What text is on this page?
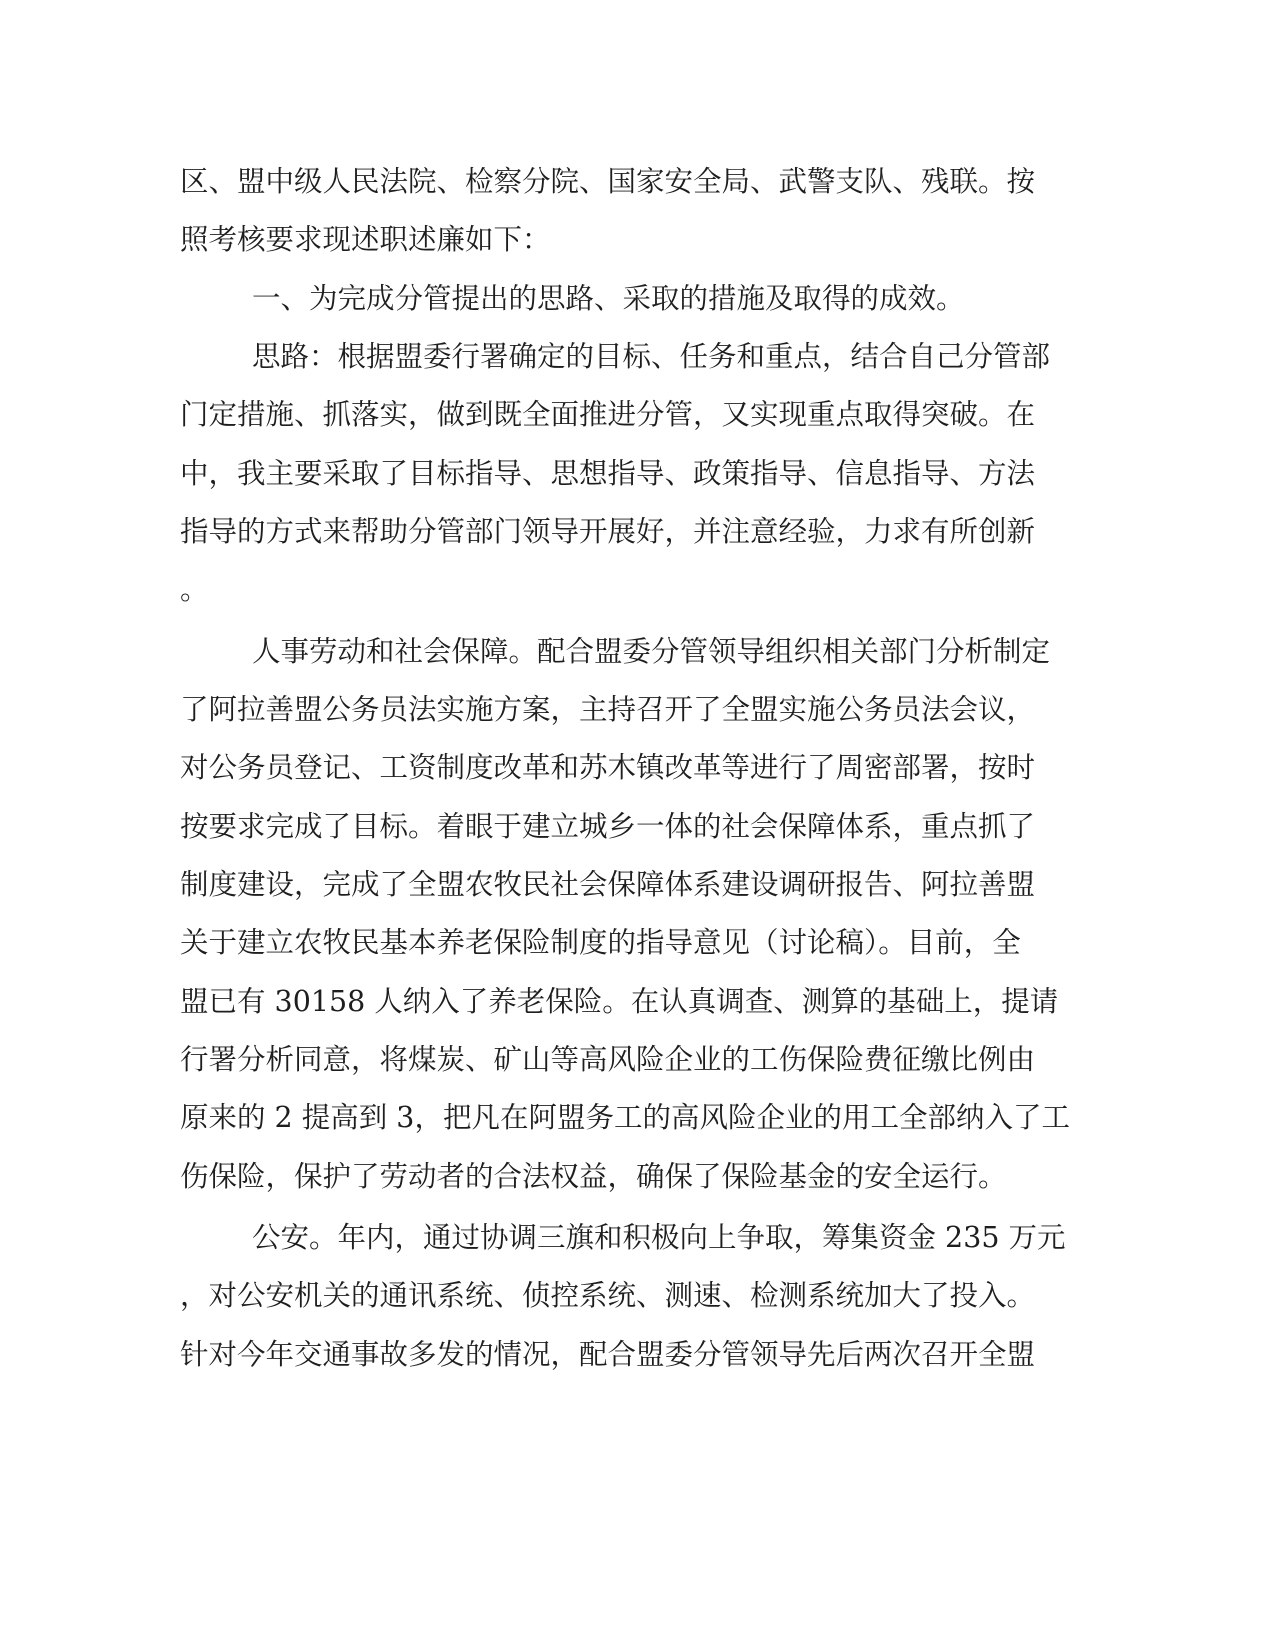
区、盟中级人民法院、检察分院、国家安全局、武警支队、残联。按
照考核要求现述职述廉如下：
一、为完成分管提出的思路、采取的措施及取得的成效。
思路：根据盟委行署确定的目标、任务和重点，结合自己分管部
门定措施、抓落实，做到既全面推进分管，又实现重点取得突破。在
中，我主要采取了目标指导、思想指导、政策指导、信息指导、方法
指导的方式来帮助分管部门领导开展好，并注意经验，力求有所创新
。
人事劳动和社会保障。配合盟委分管领导组织相关部门分析制定
了阿拉善盟公务员法实施方案，主持召开了全盟实施公务员法会议，
对公务员登记、工资制度改革和苏木镇改革等进行了周密部署，按时
按要求完成了目标。着眼于建立城乡一体的社会保障体系，重点抓了
制度建设，完成了全盟农牧民社会保障体系建设调研报告、阿拉善盟
关于建立农牧民基本养老保险制度的指导意见（讨论稿）。目前，全
盟已有 30158 人纳入了养老保险。在认真调查、测算的基础上，提请
行署分析同意，将煤炭、矿山等高风险企业的工伤保险费征缴比例由
原来的 2 提高到 3，把凡在阿盟务工的高风险企业的用工全部纳入了工
伤保险，保护了劳动者的合法权益，确保了保险基金的安全运行。
公安。年内，通过协调三旗和积极向上争取，筹集资金 235 万元
，对公安机关的通讯系统、侦控系统、测速、检测系统加大了投入。
针对今年交通事故多发的情况，配合盟委分管领导先后两次召开全盟
